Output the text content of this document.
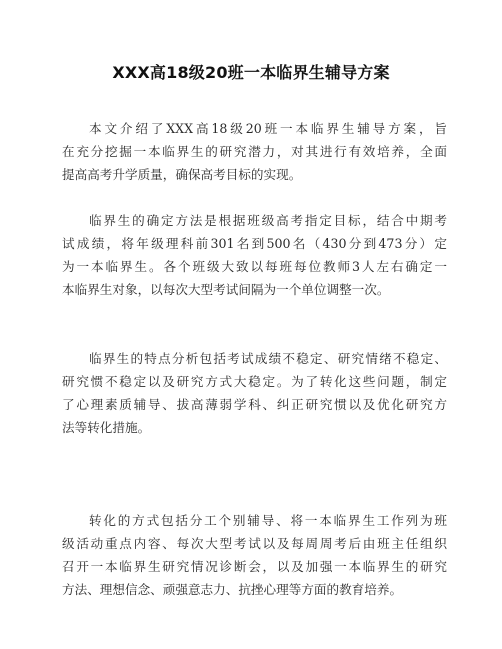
XXX高18级20班一本临界生辅导方案
本文介绍了XXX高18级20班一本临界生辅导方案，旨
在充分挖掘一本临界生的研究潜力，对其进行有效培养，全面
提高高考升学质量，确保高考目标的实现。
临界生的确定方法是根据班级高考指定目标，结合中期考
试成绩，将年级理科前301名到500名（430分到473分）定
为一本临界生。各个班级大致以每班每位教师3人左右确定一
本临界生对象，以每次大型考试间隔为一个单位调整一次。
临界生的特点分析包括考试成绩不稳定、研究情绪不稳定、
研究惯不稳定以及研究方式大稳定。为了转化这些问题，制定
了心理素质辅导、拔高薄弱学科、纠正研究惯以及优化研究方
法等转化措施。
转化的方式包括分工个别辅导、将一本临界生工作列为班
级活动重点内容、每次大型考试以及每周周考后由班主任组织
召开一本临界生研究情况诊断会，以及加强一本临界生的研究
方法、理想信念、顽强意志力、抗挫心理等方面的教育培养。
